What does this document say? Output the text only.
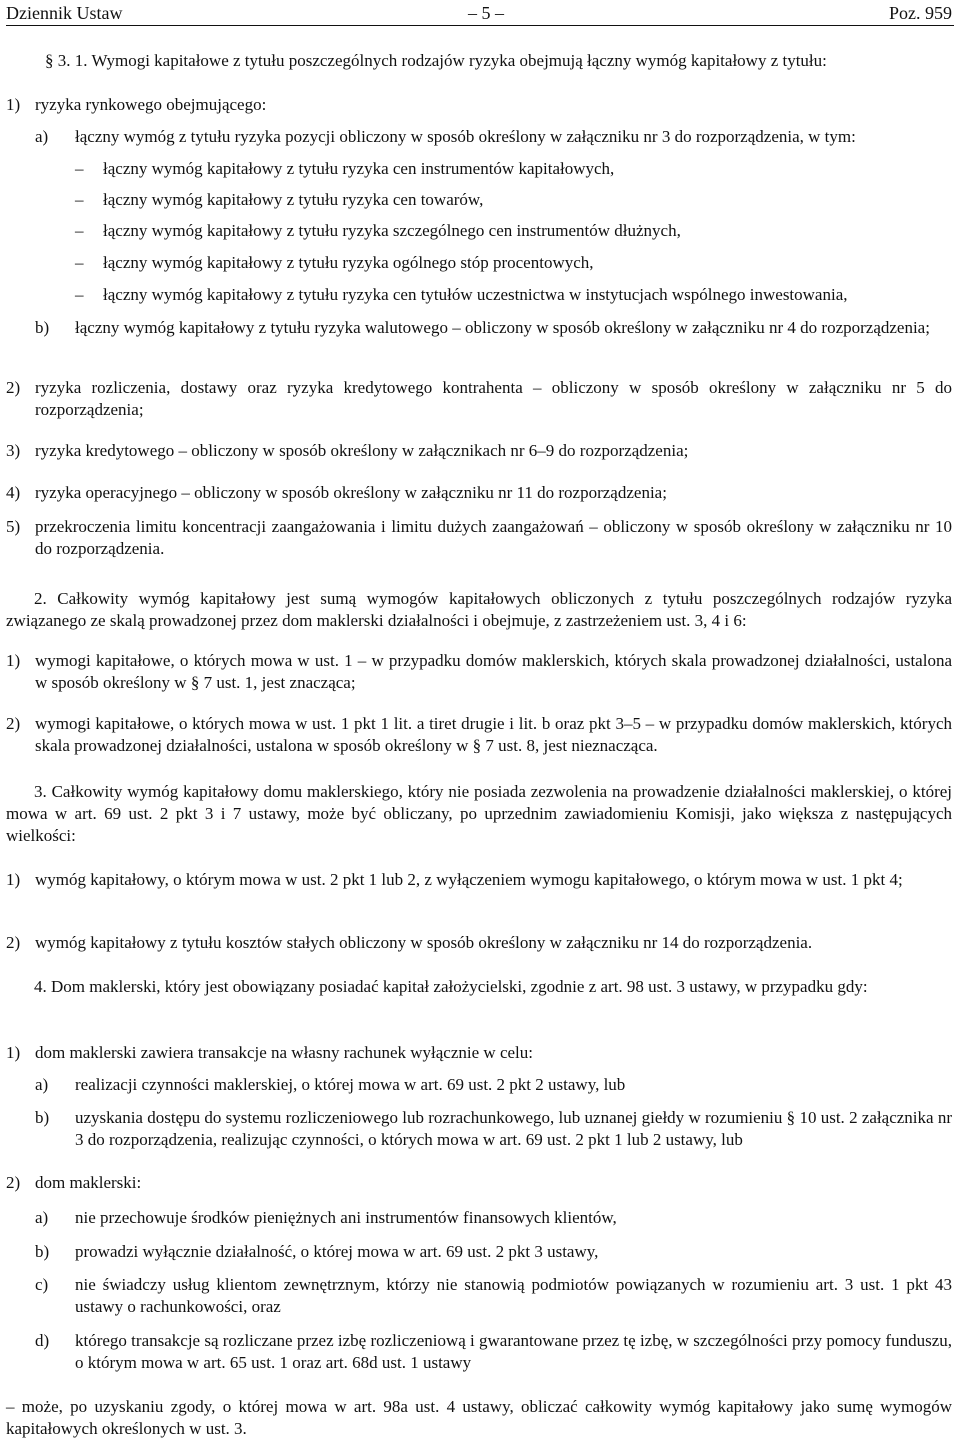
Dziennik Ustaw	– 5 –	Poz. 959
§ 3. 1. Wymogi kapitałowe z tytułu poszczególnych rodzajów ryzyka obejmują łączny wymóg kapitałowy z tytułu:
1) ryzyka rynkowego obejmującego:
a) łączny wymóg z tytułu ryzyka pozycji obliczony w sposób określony w załączniku nr 3 do rozporządzenia, w tym:
– łączny wymóg kapitałowy z tytułu ryzyka cen instrumentów kapitałowych,
– łączny wymóg kapitałowy z tytułu ryzyka cen towarów,
– łączny wymóg kapitałowy z tytułu ryzyka szczególnego cen instrumentów dłużnych,
– łączny wymóg kapitałowy z tytułu ryzyka ogólnego stóp procentowych,
– łączny wymóg kapitałowy z tytułu ryzyka cen tytułów uczestnictwa w instytucjach wspólnego inwestowania,
b) łączny wymóg kapitałowy z tytułu ryzyka walutowego – obliczony w sposób określony w załączniku nr 4 do rozporządzenia;
2) ryzyka rozliczenia, dostawy oraz ryzyka kredytowego kontrahenta – obliczony w sposób określony w załączniku nr 5 do rozporządzenia;
3) ryzyka kredytowego – obliczony w sposób określony w załącznikach nr 6–9 do rozporządzenia;
4) ryzyka operacyjnego – obliczony w sposób określony w załączniku nr 11 do rozporządzenia;
5) przekroczenia limitu koncentracji zaangażowania i limitu dużych zaangażowań – obliczony w sposób określony w załączniku nr 10 do rozporządzenia.
2. Całkowity wymóg kapitałowy jest sumą wymogów kapitałowych obliczonych z tytułu poszczególnych rodzajów ryzyka związanego ze skalą prowadzonej przez dom maklerski działalności i obejmuje, z zastrzeżeniem ust. 3, 4 i 6:
1) wymogi kapitałowe, o których mowa w ust. 1 – w przypadku domów maklerskich, których skala prowadzonej działalności, ustalona w sposób określony w § 7 ust. 1, jest znacząca;
2) wymogi kapitałowe, o których mowa w ust. 1 pkt 1 lit. a tiret drugie i lit. b oraz pkt 3–5 – w przypadku domów maklerskich, których skala prowadzonej działalności, ustalona w sposób określony w § 7 ust. 8, jest nieznacząca.
3. Całkowity wymóg kapitałowy domu maklerskiego, który nie posiada zezwolenia na prowadzenie działalności maklerskiej, o której mowa w art. 69 ust. 2 pkt 3 i 7 ustawy, może być obliczany, po uprzednim zawiadomieniu Komisji, jako większa z następujących wielkości:
1) wymóg kapitałowy, o którym mowa w ust. 2 pkt 1 lub 2, z wyłączeniem wymogu kapitałowego, o którym mowa w ust. 1 pkt 4;
2) wymóg kapitałowy z tytułu kosztów stałych obliczony w sposób określony w załączniku nr 14 do rozporządzenia.
4. Dom maklerski, który jest obowiązany posiadać kapitał założycielski, zgodnie z art. 98 ust. 3 ustawy, w przypadku gdy:
1) dom maklerski zawiera transakcje na własny rachunek wyłącznie w celu:
a) realizacji czynności maklerskiej, o której mowa w art. 69 ust. 2 pkt 2 ustawy, lub
b) uzyskania dostępu do systemu rozliczeniowego lub rozrachunkowego, lub uznanej giełdy w rozumieniu § 10 ust. 2 załącznika nr 3 do rozporządzenia, realizując czynności, o których mowa w art. 69 ust. 2 pkt 1 lub 2 ustawy, lub
2) dom maklerski:
a) nie przechowuje środków pieniężnych ani instrumentów finansowych klientów,
b) prowadzi wyłącznie działalność, o której mowa w art. 69 ust. 2 pkt 3 ustawy,
c) nie świadczy usług klientom zewnętrznym, którzy nie stanowią podmiotów powiązanych w rozumieniu art. 3 ust. 1 pkt 43 ustawy o rachunkowości, oraz
d) którego transakcje są rozliczane przez izbę rozliczeniową i gwarantowane przez tę izbę, w szczególności przy pomocy funduszu, o którym mowa w art. 65 ust. 1 oraz art. 68d ust. 1 ustawy
– może, po uzyskaniu zgody, o której mowa w art. 98a ust. 4 ustawy, obliczać całkowity wymóg kapitałowy jako sumę wymogów kapitałowych określonych w ust. 3.
